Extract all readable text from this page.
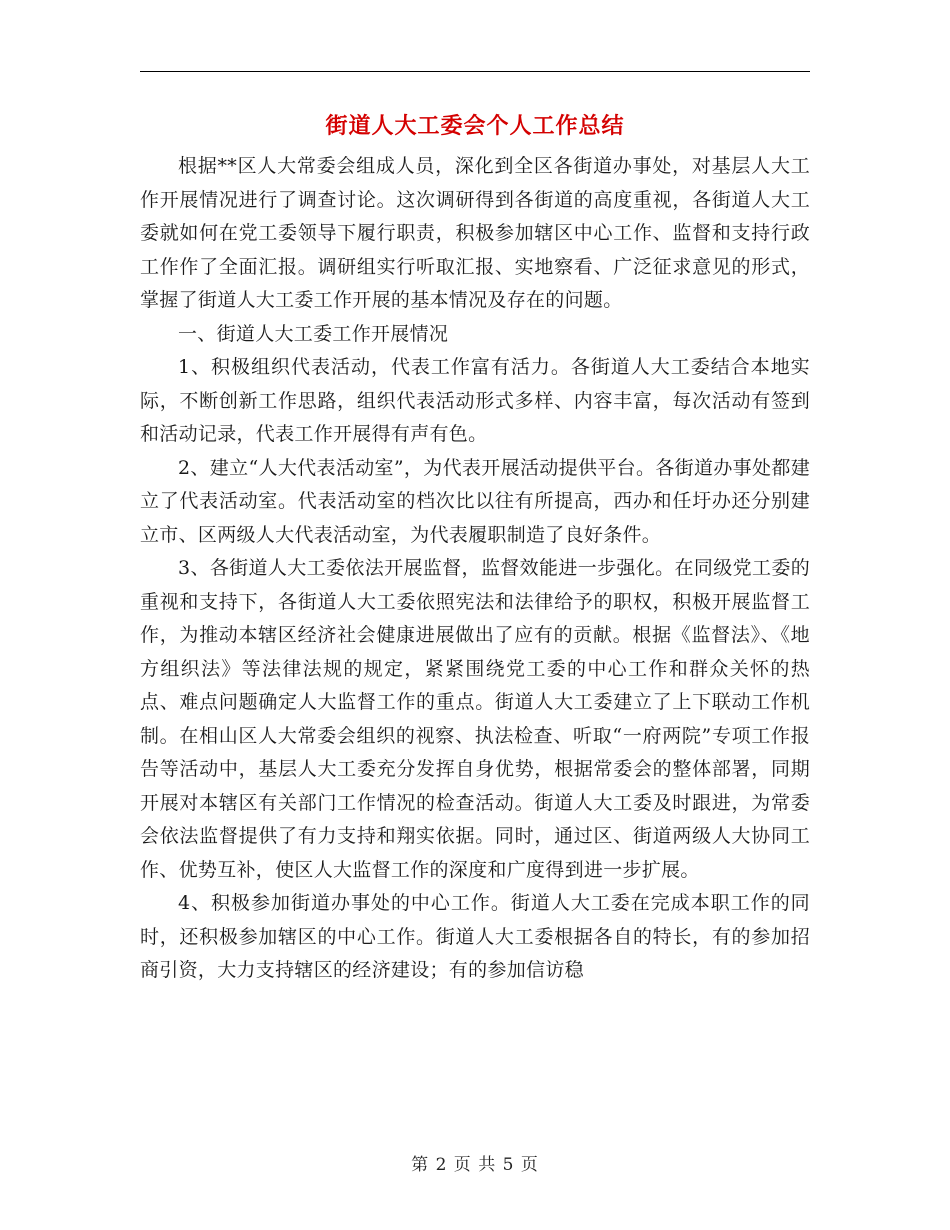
街道人大工委会个人工作总结

根据**区人大常委会组成人员，深化到全区各街道办事处，对基层人大工作开展情况进行了调查讨论。这次调研得到各街道的高度重视，各街道人大工委就如何在党工委领导下履行职责，积极参加辖区中心工作、监督和支持行政工作作了全面汇报。调研组实行听取汇报、实地察看、广泛征求意见的形式，掌握了街道人大工委工作开展的基本情况及存在的问题。

一、街道人大工委工作开展情况

1、积极组织代表活动，代表工作富有活力。各街道人大工委结合本地实际，不断创新工作思路，组织代表活动形式多样、内容丰富，每次活动有签到和活动记录，代表工作开展得有声有色。

2、建立“人大代表活动室”，为代表开展活动提供平台。各街道办事处都建立了代表活动室。代表活动室的档次比以往有所提高，西办和任圩办还分别建立市、区两级人大代表活动室，为代表履职制造了良好条件。

3、各街道人大工委依法开展监督，监督效能进一步强化。在同级党工委的重视和支持下，各街道人大工委依照宪法和法律给予的职权，积极开展监督工作，为推动本辖区经济社会健康进展做出了应有的贡献。根据《监督法》、《地方组织法》等法律法规的规定，紧紧围绕党工委的中心工作和群众关怀的热点、难点问题确定人大监督工作的重点。街道人大工委建立了上下联动工作机制。在相山区人大常委会组织的视察、执法检查、听取“一府两院”专项工作报告等活动中，基层人大工委充分发挥自身优势，根据常委会的整体部署，同期开展对本辖区有关部门工作情况的检查活动。街道人大工委及时跟进，为常委会依法监督提供了有力支持和翔实依据。同时，通过区、街道两级人大协同工作、优势互补，使区人大监督工作的深度和广度得到进一步扩展。

4、积极参加街道办事处的中心工作。街道人大工委在完成本职工作的同时，还积极参加辖区的中心工作。街道人大工委根据各自的特长，有的参加招商引资，大力支持辖区的经济建设；有的参加信访稳

第 2 页 共 5 页
